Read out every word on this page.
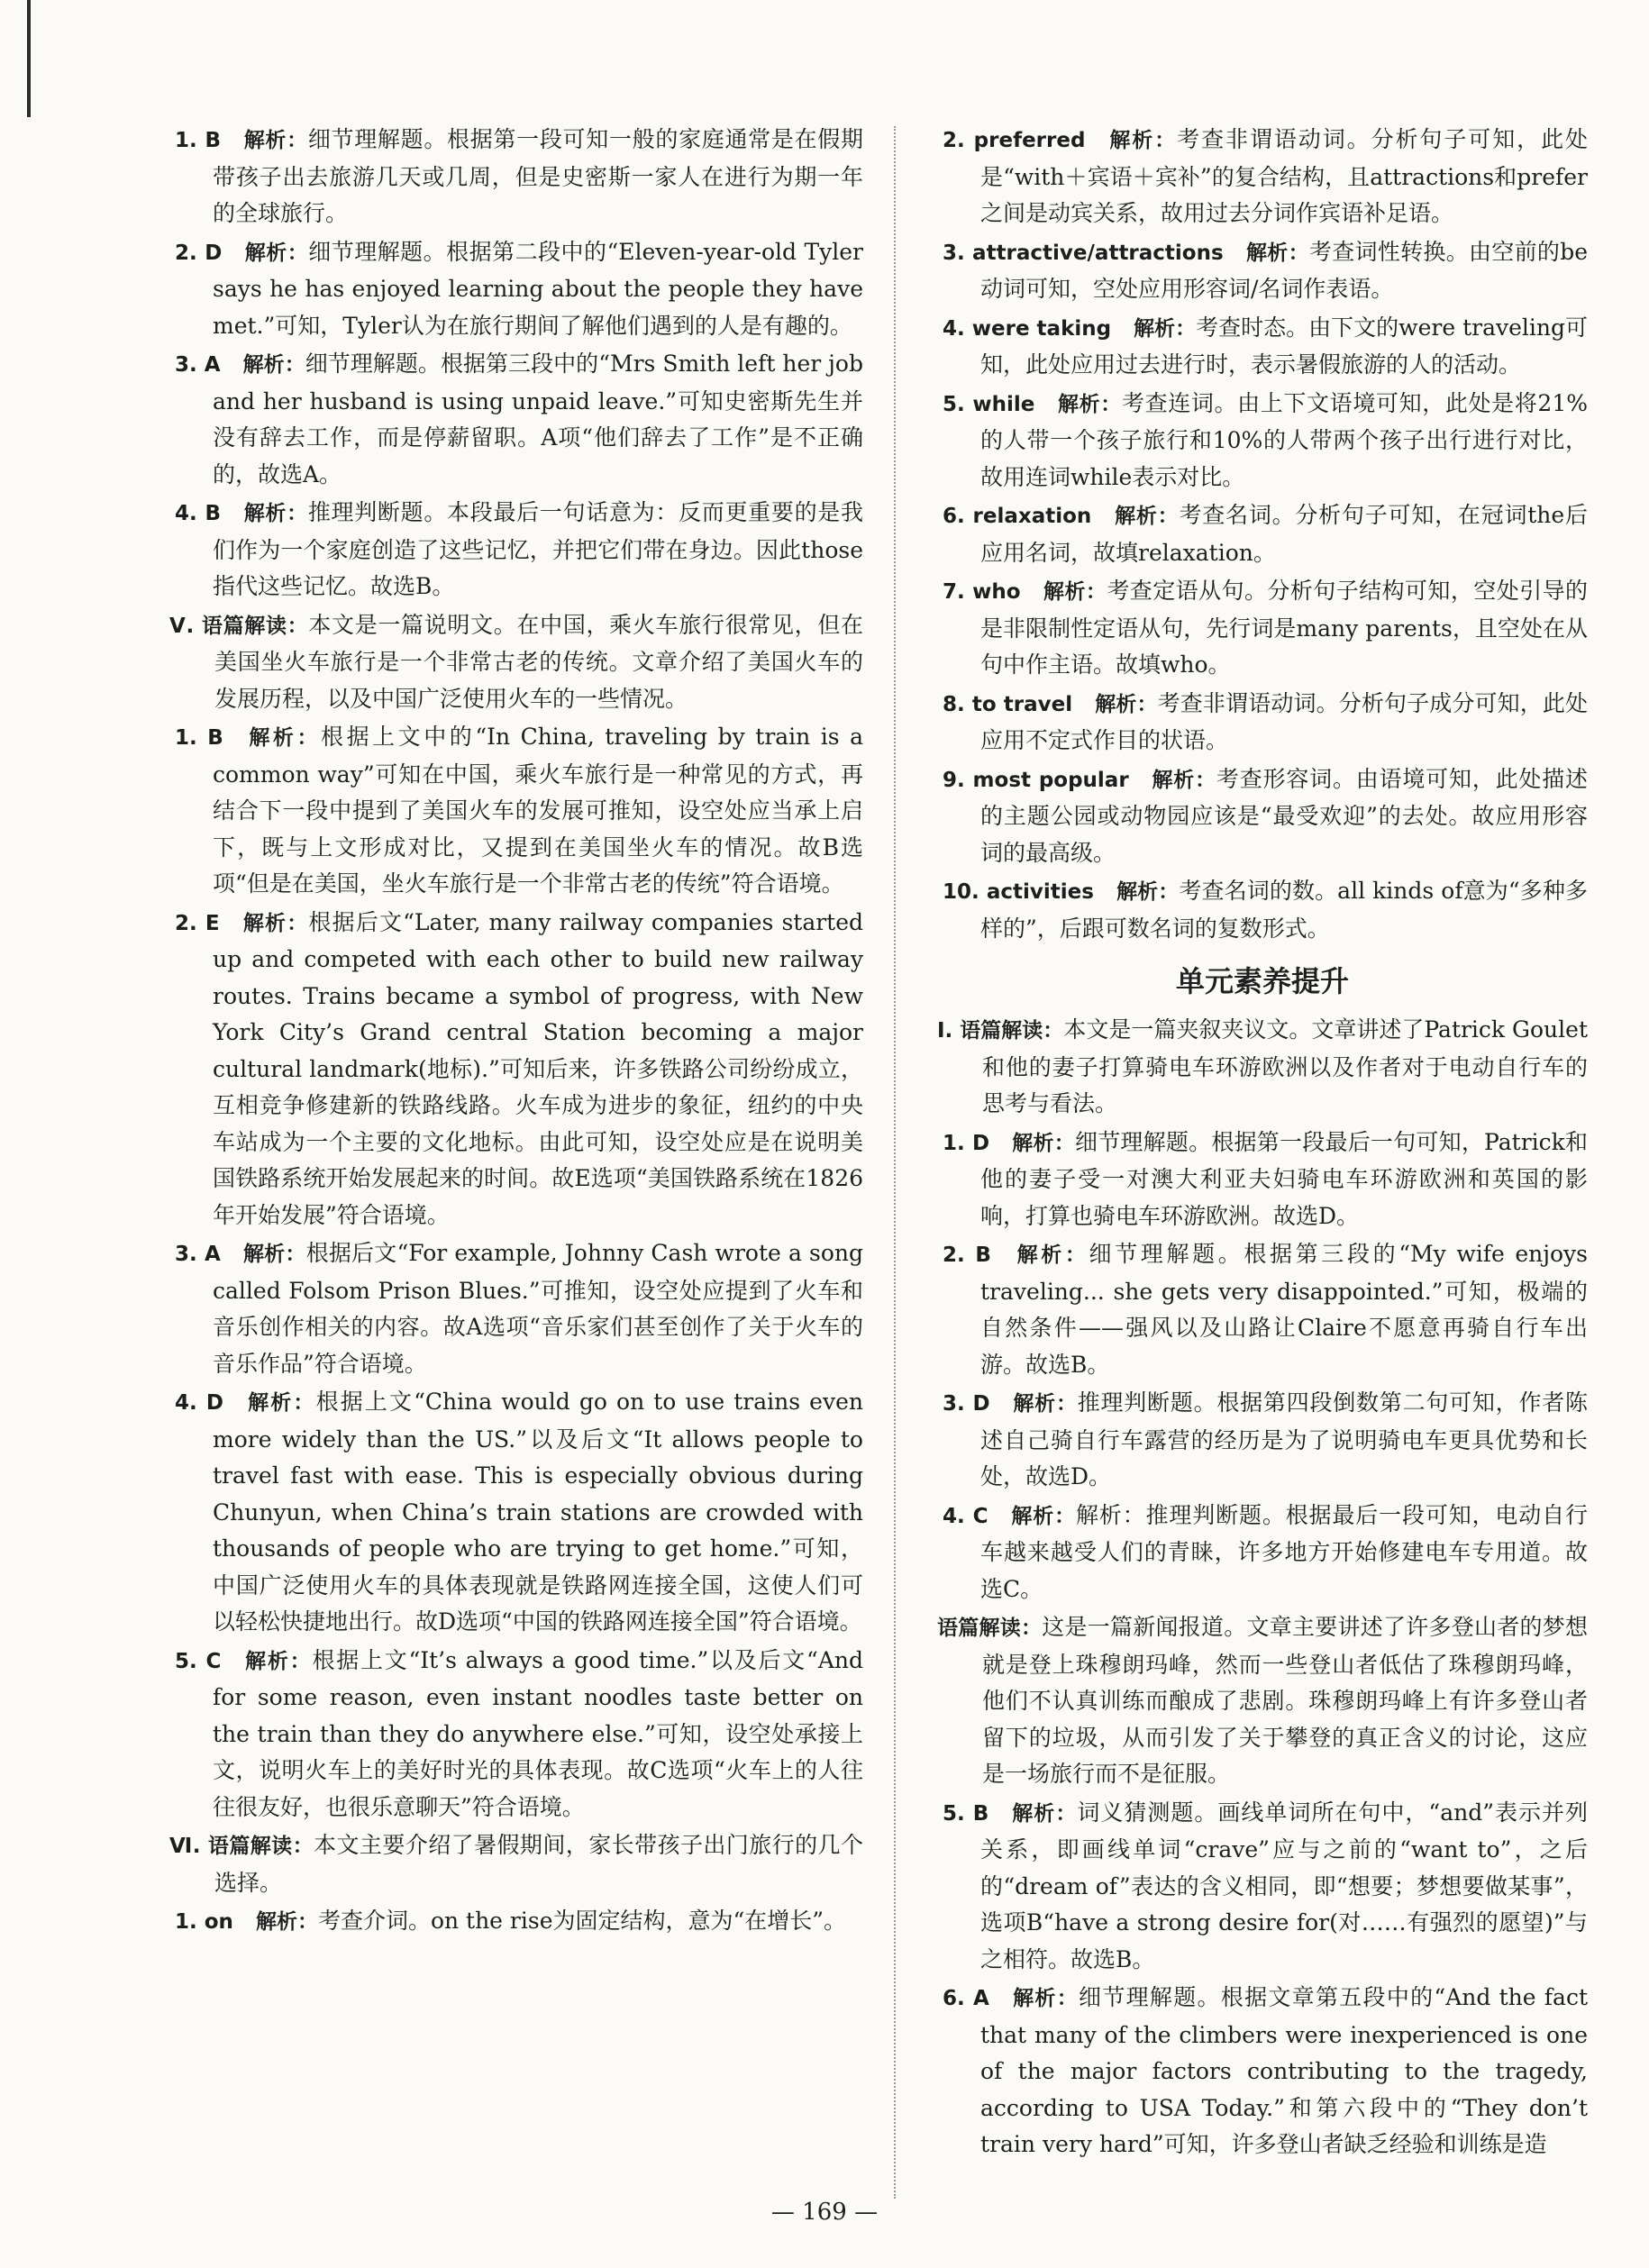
1. B  解析：细节理解题。根据第一段可知一般的家庭通常是在假期带孩子出去旅游几天或几周，但是史密斯一家人在进行为期一年的全球旅行。
2. D  解析：细节理解题。根据第二段中的“Eleven-year-old Tyler says he has enjoyed learning about the people they have met.”可知，Tyler认为在旅行期间了解他们遇到的人是有趣的。
3. A  解析：细节理解题。根据第三段中的“Mrs Smith left her job and her husband is using unpaid leave.”可知史密斯先生并没有辞去工作，而是停薪留职。A项“他们辞去了工作”是不正确的，故选A。
4. B  解析：推理判断题。本段最后一句话意为：反而更重要的是我们作为一个家庭创造了这些记忆，并把它们带在身边。因此those指代这些记忆。故选B。
Ⅴ. 语篇解读：本文是一篇说明文。在中国，乘火车旅行很常见，但在美国坐火车旅行是一个非常古老的传统。文章介绍了美国火车的发展历程，以及中国广泛使用火车的一些情况。
1. B  解析：根据上文中的“In China, traveling by train is a common way”可知在中国，乘火车旅行是一种常见的方式，再结合下一段中提到了美国火车的发展可推知，设空处应当承上启下，既与上文形成对比，又提到在美国坐火车的情况。故B选项“但是在美国，坐火车旅行是一个非常古老的传统”符合语境。
2. E  解析：根据后文“Later, many railway companies started up and competed with each other to build new railway routes. Trains became a symbol of progress, with New York City’s Grand central Station becoming a major cultural landmark(地标).”可知后来，许多铁路公司纷纷成立，互相竞争修建新的铁路线路。火车成为进步的象征，纽约的中央车站成为一个主要的文化地标。由此可知，设空处应是在说明美国铁路系统开始发展起来的时间。故E选项“美国铁路系统在1826年开始发展”符合语境。
3. A  解析：根据后文“For example, Johnny Cash wrote a song called Folsom Prison Blues.”可推知，设空处应提到了火车和音乐创作相关的内容。故A选项“音乐家们甚至创作了关于火车的音乐作品”符合语境。
4. D  解析：根据上文“China would go on to use trains even more widely than the US.”以及后文“It allows people to travel fast with ease. This is especially obvious during Chunyun, when China’s train stations are crowded with thousands of people who are trying to get home.”可知，中国广泛使用火车的具体表现就是铁路网连接全国，这使人们可以轻松快捷地出行。故D选项“中国的铁路网连接全国”符合语境。
5. C  解析：根据上文“It’s always a good time.”以及后文“And for some reason, even instant noodles taste better on the train than they do anywhere else.”可知，设空处承接上文，说明火车上的美好时光的具体表现。故C选项“火车上的人往往很友好，也很乐意聊天”符合语境。
Ⅵ. 语篇解读：本文主要介绍了暑假期间，家长带孩子出门旅行的几个选择。
1. on  解析：考查介词。on the rise为固定结构，意为“在增长”。
2. preferred  解析：考查非谓语动词。分析句子可知，此处是“with＋宾语＋宾补”的复合结构，且attractions和prefer之间是动宾关系，故用过去分词作宾语补足语。
3. attractive/attractions  解析：考查词性转换。由空前的be动词可知，空处应用形容词/名词作表语。
4. were taking  解析：考查时态。由下文的were traveling可知，此处应用过去进行时，表示暑假旅游的人的活动。
5. while  解析：考查连词。由上下文语境可知，此处是将21%的人带一个孩子旅行和10%的人带两个孩子出行进行对比，故用连词while表示对比。
6. relaxation  解析：考查名词。分析句子可知，在冠词the后应用名词，故填relaxation。
7. who  解析：考查定语从句。分析句子结构可知，空处引导的是非限制性定语从句，先行词是many parents，且空处在从句中作主语。故填who。
8. to travel  解析：考查非谓语动词。分析句子成分可知，此处应用不定式作目的状语。
9. most popular  解析：考查形容词。由语境可知，此处描述的主题公园或动物园应该是“最受欢迎”的去处。故应用形容词的最高级。
10. activities  解析：考查名词的数。all kinds of意为“多种多样的”，后跟可数名词的复数形式。
单元素养提升
Ⅰ. 语篇解读：本文是一篇夹叙夹议文。文章讲述了Patrick Goulet和他的妻子打算骑电车环游欧洲以及作者对于电动自行车的思考与看法。
1. D  解析：细节理解题。根据第一段最后一句可知，Patrick和他的妻子受一对澳大利亚夫妇骑电车环游欧洲和英国的影响，打算也骑电车环游欧洲。故选D。
2. B  解析：细节理解题。根据第三段的“My wife enjoys traveling... she gets very disappointed.”可知，极端的自然条件——强风以及山路让Claire不愿意再骑自行车出游。故选B。
3. D  解析：推理判断题。根据第四段倒数第二句可知，作者陈述自己骑自行车露营的经历是为了说明骑电车更具优势和长处，故选D。
4. C  解析：解析：推理判断题。根据最后一段可知，电动自行车越来越受人们的青睐，许多地方开始修建电车专用道。故选C。
语篇解读：这是一篇新闻报道。文章主要讲述了许多登山者的梦想就是登上珠穆朗玛峰，然而一些登山者低估了珠穆朗玛峰，他们不认真训练而酿成了悲剧。珠穆朗玛峰上有许多登山者留下的垃圾，从而引发了关于攀登的真正含义的讨论，这应是一场旅行而不是征服。
5. B  解析：词义猜测题。画线单词所在句中，“and”表示并列关系，即画线单词“crave”应与之前的“want to”，之后的“dream of”表达的含义相同，即“想要；梦想要做某事”，选项B“have a strong desire for(对……有强烈的愿望)”与之相符。故选B。
6. A  解析：细节理解题。根据文章第五段中的“And the fact that many of the climbers were inexperienced is one of the major factors contributing to the tragedy, according to USA Today.”和第六段中的“They don’t train very hard”可知，许多登山者缺乏经验和训练是造
— 169 —
